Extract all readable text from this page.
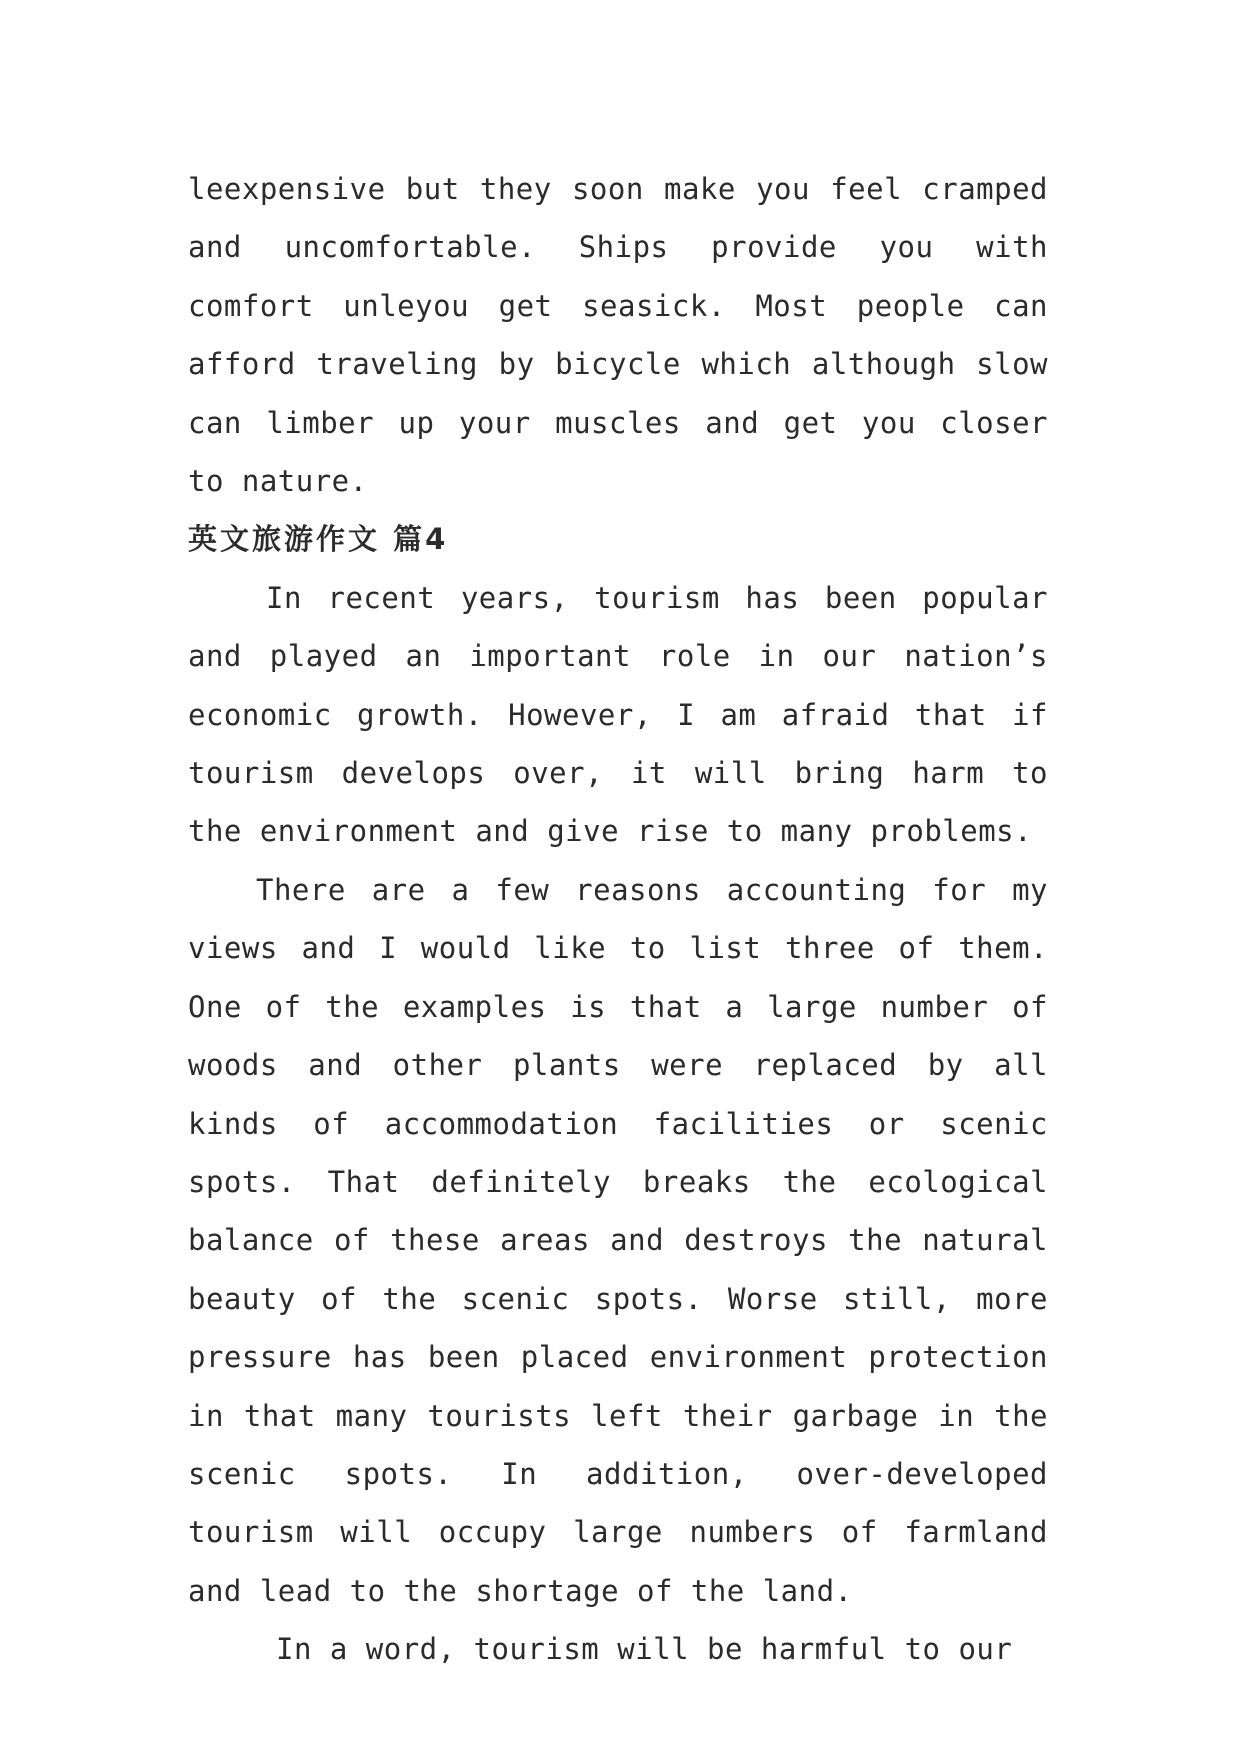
leexpensive but they soon make you feel cramped and uncomfortable. Ships provide you with comfort unleyou get seasick. Most people can afford traveling by bicycle which although slow can limber up your muscles and get you closer to nature.

英文旅游作文 篇4

In recent years, tourism has been popular and played an important role in our nation’s economic growth. However, I am afraid that if tourism develops over, it will bring harm to the environment and give rise to many problems.

There are a few reasons accounting for my views and I would like to list three of them. One of the examples is that a large number of woods and other plants were replaced by all kinds of accommodation facilities or scenic spots. That definitely breaks the ecological balance of these areas and destroys the natural beauty of the scenic spots. Worse still, more pressure has been placed environment protection in that many tourists left their garbage in the scenic spots. In addition, over-developed tourism will occupy large numbers of farmland and lead to the shortage of the land.

In a word, tourism will be harmful to our
